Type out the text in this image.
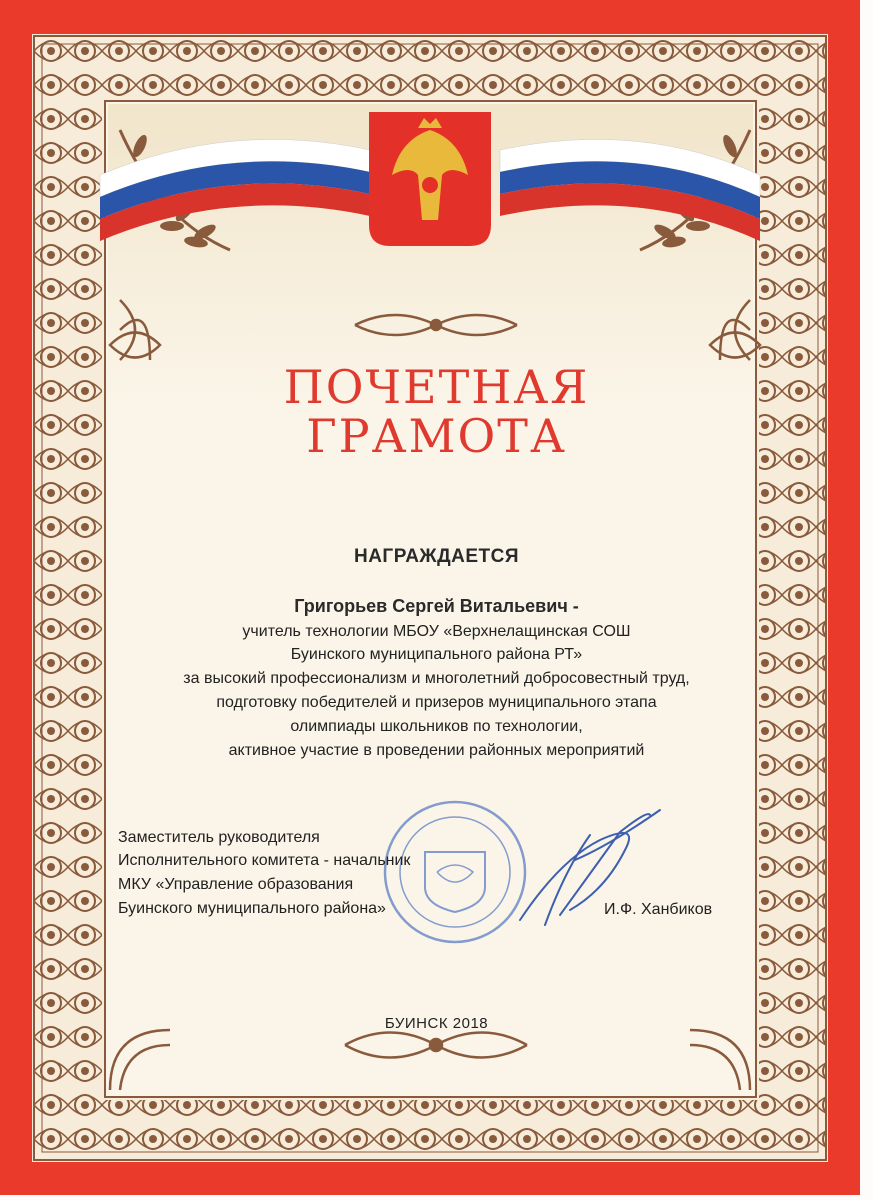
ПОЧЕТНАЯ
ГРАМОТА
НАГРАЖДАЕТСЯ
Григорьев Сергей Витальевич -
учитель технологии МБОУ «Верхнелащинская СОШ
Буинского муниципального района РТ»
за высокий профессионализм и многолетний добросовестный труд,
подготовку победителей и призеров муниципального этапа
олимпиады школьников по технологии,
активное участие в проведении районных мероприятий
Заместитель руководителя
Исполнительного комитета - начальник
МКУ «Управление образования
Буинского муниципального района»	И.Ф. Ханбиков
БУИНСК 2018
